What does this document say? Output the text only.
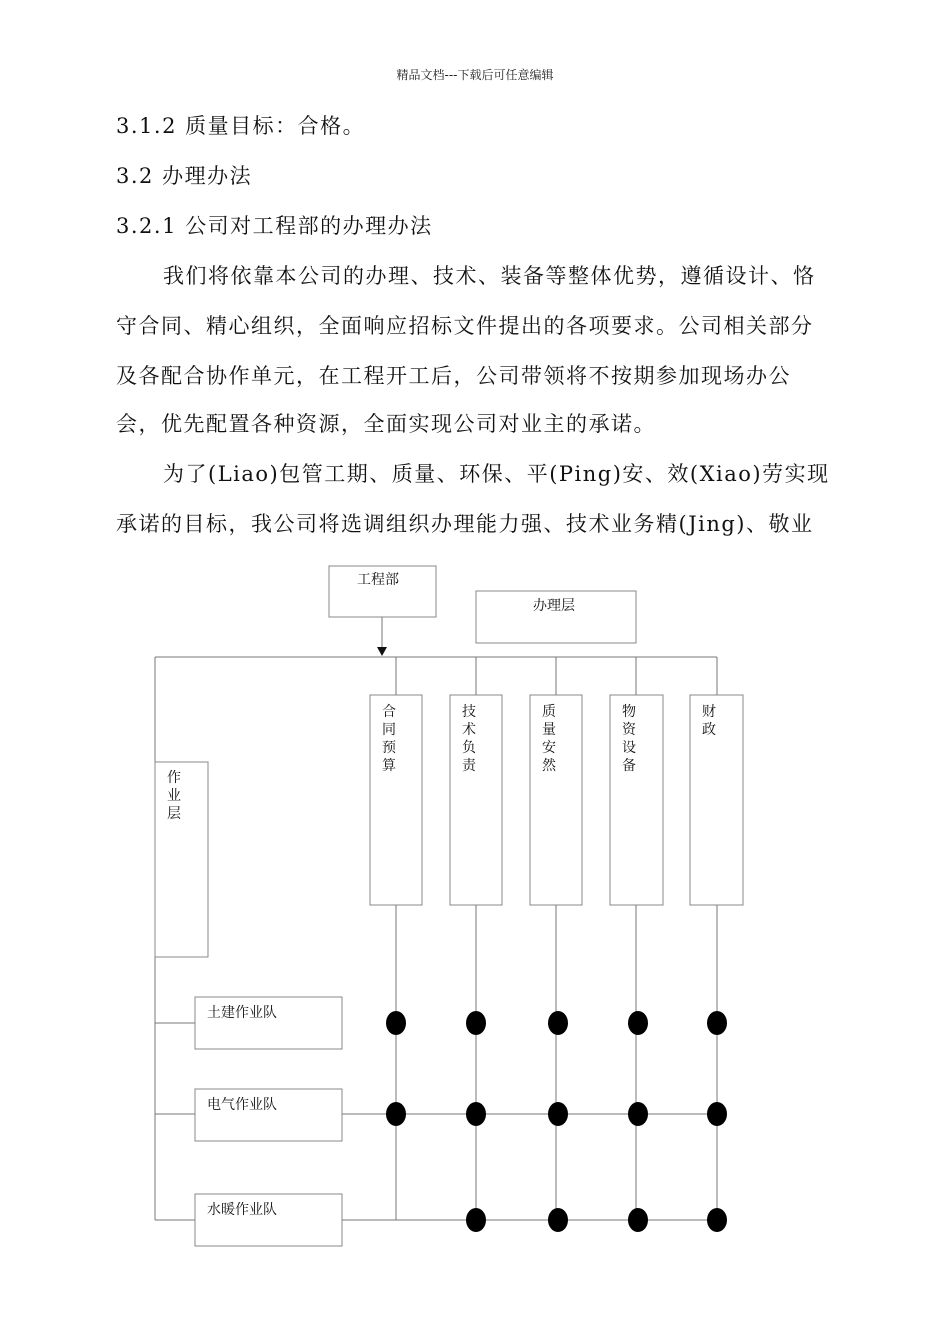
精品文档---下载后可任意编辑
3.1.2 质量目标：合格。
3.2 办理办法
3.2.1 公司对工程部的办理办法
我们将依靠本公司的办理、技术、装备等整体优势，遵循设计、恪
守合同、精心组织，全面响应招标文件提出的各项要求。公司相关部分
及各配合协作单元，在工程开工后，公司带领将不按期参加现场办公
会，优先配置各种资源，全面实现公司对业主的承诺。
为了(Liao)包管工期、质量、环保、平(Ping)安、效(Xiao)劳实现
承诺的目标，我公司将选调组织办理能力强、技术业务精(Jing)、敬业
工程部
办理层
土建作业队
电气作业队
水暖作业队
合同预算
技术负责
质量安然
物资设备
财政
作业层
